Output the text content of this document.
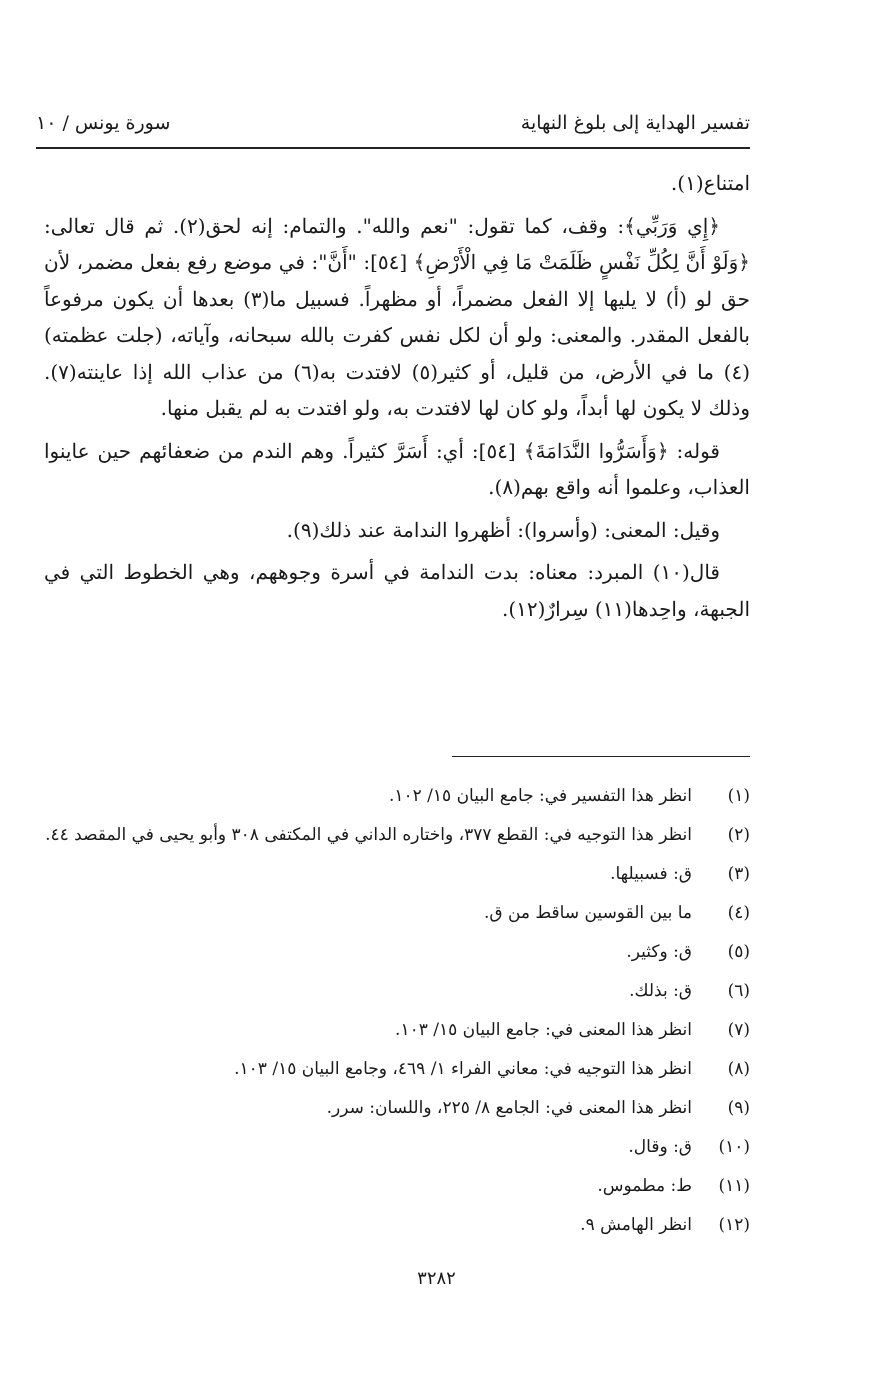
تفسير الهداية إلى بلوغ النهاية
سورة يونس / ١٠

امتناع(١).

﴿إِي وَرَبِّي﴾: وقف، كما تقول: "نعم والله". والتمام: إنه لحق(٢). ثم قال تعالى: ﴿وَلَوْ أَنَّ لِكُلِّ نَفْسٍ ظَلَمَتْ مَا فِي الْأَرْضِ﴾ [٥٤]: "أَنَّ": في موضع رفع بفعل مضمر، لأن حق لو (أ) لا يليها إلا الفعل مضمراً، أو مظهراً. فسبيل ما(٣) بعدها أن يكون مرفوعاً بالفعل المقدر. والمعنى: ولو أن لكل نفس كفرت بالله سبحانه، وآياته، (جلت عظمته)(٤) ما في الأرض، من قليل، أو كثير(٥) لافتدت به(٦) من عذاب الله إذا عاينته(٧). وذلك لا يكون لها أبداً، ولو كان لها لافتدت به، ولو افتدت به لم يقبل منها.

قوله: ﴿وَأَسَرُّوا النَّدَامَةَ﴾ [٥٤]: أي: أَسَرَّ كثيراً. وهم الندم من ضعفائهم حين عاينوا العذاب، وعلموا أنه واقع بهم(٨).

وقيل: المعنى: (وأسروا): أظهروا الندامة عند ذلك(٩).

قال(١٠) المبرد: معناه: بدت الندامة في أسرة وجوههم، وهي الخطوط التي في الجبهة، واحِدها(١١) سِرارٌ(١٢).

(١)انظر هذا التفسير في: جامع البيان ١٥/ ١٠٢.
(٢)انظر هذا التوجيه في: القطع ٣٧٧، واختاره الداني في المكتفى ٣٠٨ وأبو يحيى في المقصد ٤٤.
(٣)ق: فسبيلها.
(٤)ما بين القوسين ساقط من ق.
(٥)ق: وكثير.
(٦)ق: بذلك.
(٧)انظر هذا المعنى في: جامع البيان ١٥/ ١٠٣.
(٨)انظر هذا التوجيه في: معاني الفراء ١/ ٤٦٩، وجامع البيان ١٥/ ١٠٣.
(٩)انظر هذا المعنى في: الجامع ٨/ ٢٢٥، واللسان: سرر.
(١٠)ق: وقال.
(١١)ط: مطموس.
(١٢)انظر الهامش ٩.
٣٢٨٢
